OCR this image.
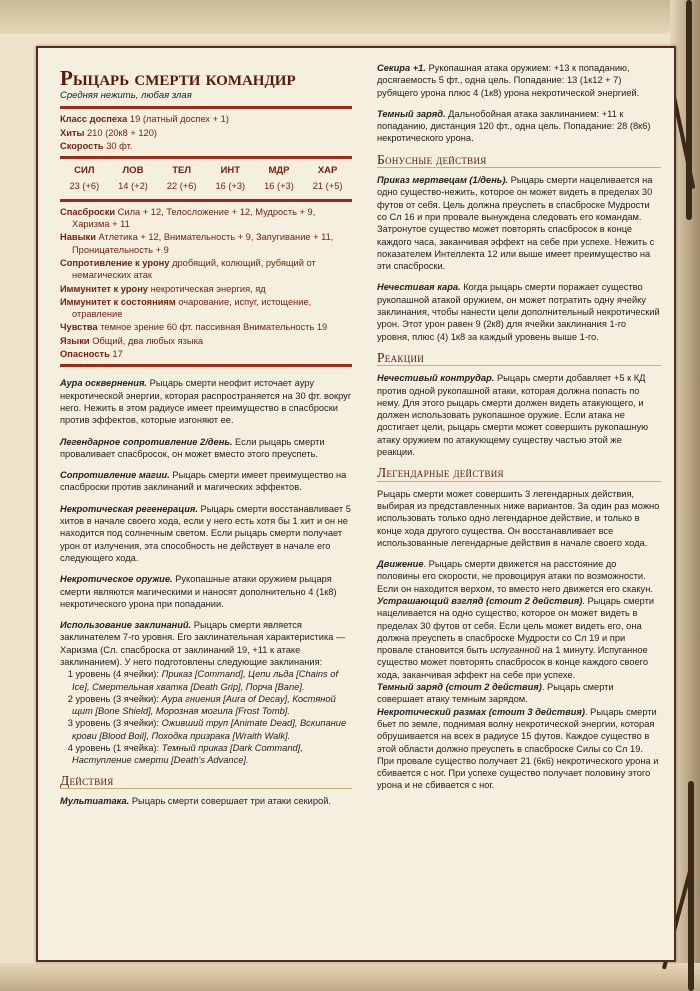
Рыцарь смерти командир
Средняя нежить, любая злая
Класс доспеха 19 (латный доспех + 1)
Хиты 210 (20к8 + 120)
Скорость 30 фт.
СИЛ
23 (+6)
ЛОВ
14 (+2)
ТЕЛ
22 (+6)
ИНТ
16 (+3)
МДР
16 (+3)
ХАР
21 (+5)
Спасброски Сила + 12, Телосложение + 12, Мудрость + 9, Харизма + 11
Навыки Атлетика + 12, Внимательность + 9, Запугивание + 11, Проницательность + 9
Сопротивление к урону дробящий, колющий, рубящий от немагических атак
Иммунитет к урону некротическая энергия, яд
Иммунитет к состояниям очарование, испуг, истощение, отравление
Чувства темное зрение 60 фт. пассивная Внимательность 19
Языки Общий, два любых языка
Опасность 17
Аура осквернения. Рыцарь смерти неофит источает ауру некротической энергии, которая распространяется на 30 фт. вокруг него. Нежить в этом радиусе имеет преимущество в спасброски против эффектов, которые изгоняют ее.
Легендарное сопротивление 2/день. Если рыцарь смерти проваливает спасбросок, он может вместо этого преуспеть.
Сопротивление магии. Рыцарь смерти имеет преимущество на спасброски против заклинаний и магических эффектов.
Некротическая регенерация. Рыцарь смерти восстанавливает 5 хитов в начале своего хода, если у него есть хотя бы 1 хит и он не находится под солнечным светом. Если рыцарь смерти получает урон от излучения, эта способность не действует в начале его следующего хода.
Некротическое оружие. Рукопашные атаки оружием рыцаря смерти являются магическими и наносят дополнительно 4 (1к8) некротического урона при попадании.
Использование заклинаний. Рыцарь смерти является заклинателем 7-го уровня. Его заклинательная характеристика — Харизма (Сл. спасброска от заклинаний 19, +11 к атаке заклинанием). У него подготовлены следующие заклинания:
1 уровень (4 ячейки): Приказ [Command], Цепи льда [Chains of Ice], Смертельная хватка [Death Grip], Порча [Bane].
2 уровень (3 ячейки): Аура гниения [Aura of Decay], Костяной щит [Bone Shield], Морозная могила [Frost Tomb].
3 уровень (3 ячейки): Оживший труп [Animate Dead], Вскипание крови [Blood Boil], Походка призрака [Wraith Walk].
4 уровень (1 ячейка): Темный приказ [Dark Command], Наступление смерти [Death's Advance].
Действия
Мультиатака. Рыцарь смерти совершает три атаки секирой.
Секира +1. Рукопашная атака оружием: +13 к попаданию, досягаемость 5 фт., одна цель. Попадание: 13 (1к12 + 7) рубящего урона плюс 4 (1к8) урона некротической энергией.
Темный заряд. Дальнобойная атака заклинанием: +11 к попаданию, дистанция 120 фт., одна цель. Попадание: 28 (8к6) некротического урона.
Бонусные действия
Приказ мертвецам (1/день). Рыцарь смерти нацеливается на одно существо-нежить, которое он может видеть в пределах 30 футов от себя. Цель должна преуспеть в спасброске Мудрости со Сл 16 и при провале вынуждена следовать его командам. Затронутое существо может повторять спасбросок в конце каждого часа, заканчивая эффект на себе при успехе. Нежить с показателем Интеллекта 12 или выше имеет преимущество на эти спасброски.
Нечестивая кара. Когда рыцарь смерти поражает существо рукопашной атакой оружием, он может потратить одну ячейку заклинания, чтобы нанести цели дополнительный некротический урон. Этот урон равен 9 (2к8) для ячейки заклинания 1-го уровня, плюс (4) 1к8 за каждый уровень выше 1-го.
Реакции
Нечестивый контрудар. Рыцарь смерти добавляет +5 к КД против одной рукопашной атаки, которая должна попасть по нему. Для этого рыцарь смерти должен видеть атакующего, и должен использовать рукопашное оружие. Если атака не достигает цели, рыцарь смерти может совершить рукопашную атаку оружием по атакующему существу частью этой же реакции.
Легендарные действия
Рыцарь смерти может совершить 3 легендарных действия, выбирая из представленных ниже вариантов. За один раз можно использовать только одно легендарное действие, и только в конце хода другого существа. Он восстанавливает все использованные легендарные действия в начале своего хода.
Движение. Рыцарь смерти движется на расстояние до половины его скорости, не провоцируя атаки по возможности. Если он находится верхом, то вместо него движется его скакун.
Устрашающий взгляд (стоит 2 действия). Рыцарь смерти нацеливается на одно существо, которое он может видеть в пределах 30 футов от себя. Если цель может видеть его, она должна преуспеть в спасброске Мудрости со Сл 19 и при провале становится быть испуганной на 1 минуту. Испуганное существо может повторять спасбросок в конце каждого своего хода, заканчивая эффект на себе при успехе.
Темный заряд (стоит 2 действия). Рыцарь смерти совершает атаку темным зарядом.
Некротический размах (стоит 3 действия). Рыцарь смерти бьет по земле, поднимая волну некротической энергии, которая обрушивается на всех в радиусе 15 футов. Каждое существо в этой области должно преуспеть в спасброске Силы со Сл 19. При провале существо получает 21 (6к6) некротического урона и сбивается с ног. При успехе существо получает половину этого урона и не сбивается с ног.
